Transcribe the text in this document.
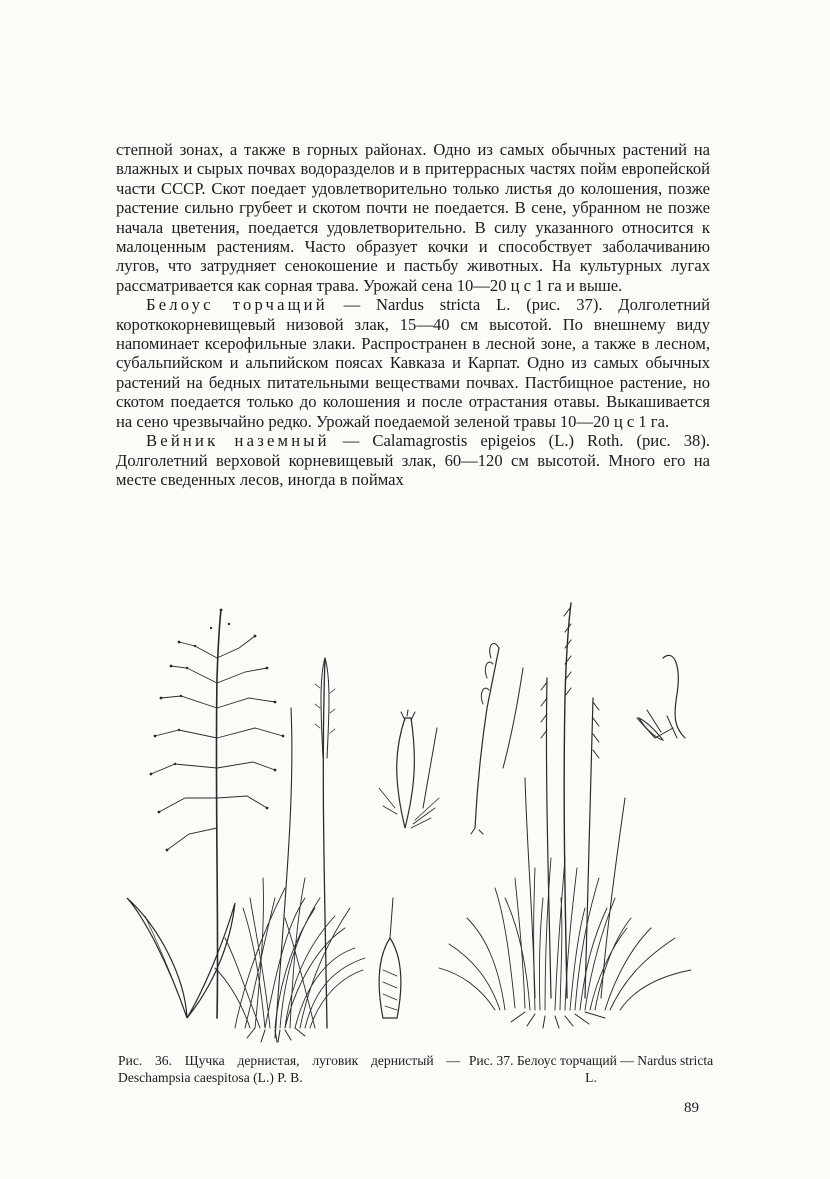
степной зонах, а также в горных районах. Одно из самых обычных растений на влажных и сырых почвах водоразделов и в притеррасных частях пойм европейской части СССР. Скот поедает удовлетворительно только листья до колошения, позже растение сильно грубеет и скотом почти не поедается. В сене, убранном не позже начала цветения, поедается удовлетворительно. В силу указанного относится к малоценным растениям. Часто образует кочки и способствует заболачиванию лугов, что затрудняет сенокошение и пастьбу животных. На культурных лугах рассматривается как сорная трава. Урожай сена 10—20 ц с 1 га и выше.

Белоус торчащий — Nardus stricta L. (рис. 37). Долголетний короткокорневищевый низовой злак, 15—40 см высотой. По внешнему виду напоминает ксерофильные злаки. Распространен в лесной зоне, а также в лесном, субальпийском и альпийском поясах Кавказа и Карпат. Одно из самых обычных растений на бедных питательными веществами почвах. Пастбищное растение, но скотом поедается только до колошения и после отрастания отавы. Выкашивается на сено чрезвычайно редко. Урожай поедаемой зеленой травы 10—20 ц с 1 га.

Вейник наземный — Calamagrostis epigeios (L.) Roth. (рис. 38). Долголетний верховой корневищевый злак, 60—120 см высотой. Много его на месте сведенных лесов, иногда в поймах

Рис. 36. Щучка дернистая, луговик дернистый — Deschampsia caespitosa (L.) P. B.
Рис. 37. Белоус торчащий — Nardus stricta L.
89
